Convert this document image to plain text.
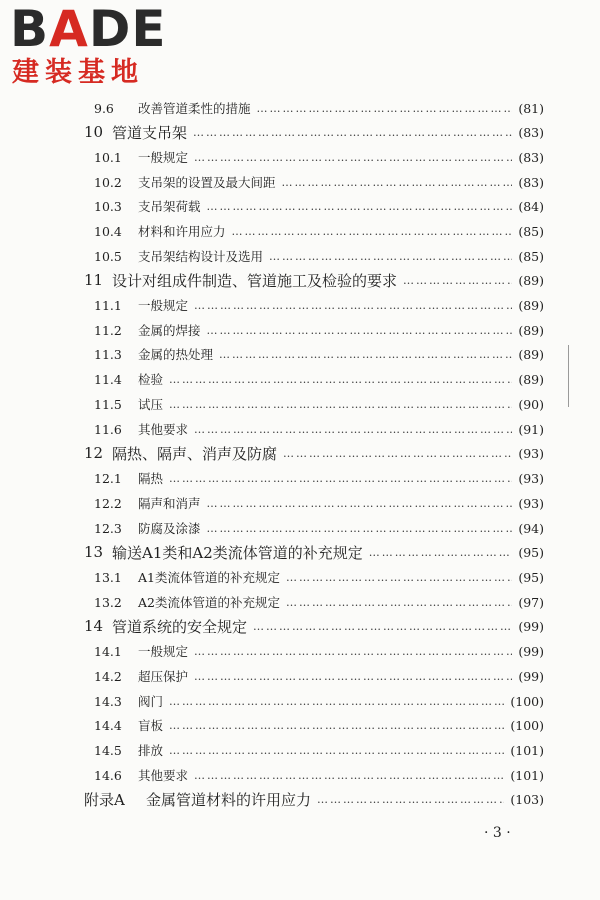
BADE
建装基地
9.6	改善管道柔性的措施 …………………………………………………………………………………………………………………………………………………………	(81)
10 管道支吊架 …………………………………………………………………………………………………………………………………………………………	(83)
10.1	一般规定 …………………………………………………………………………………………………………………………………………………………	(83)
10.2	支吊架的设置及最大间距 …………………………………………………………………………………………………………………………………………………………	(83)
10.3	支吊架荷载 …………………………………………………………………………………………………………………………………………………………	(84)
10.4	材料和许用应力 …………………………………………………………………………………………………………………………………………………………	(85)
10.5	支吊架结构设计及选用 …………………………………………………………………………………………………………………………………………………………	(85)
11 设计对组成件制造、管道施工及检验的要求 …………………………………………………………………………………………………………………………………………………………	(89)
11.1	一般规定 …………………………………………………………………………………………………………………………………………………………	(89)
11.2	金属的焊接 …………………………………………………………………………………………………………………………………………………………	(89)
11.3	金属的热处理 …………………………………………………………………………………………………………………………………………………………	(89)
11.4	检验 …………………………………………………………………………………………………………………………………………………………	(89)
11.5	试压 …………………………………………………………………………………………………………………………………………………………	(90)
11.6	其他要求 …………………………………………………………………………………………………………………………………………………………	(91)
12 隔热、隔声、消声及防腐 …………………………………………………………………………………………………………………………………………………………	(93)
12.1	隔热 …………………………………………………………………………………………………………………………………………………………	(93)
12.2	隔声和消声 …………………………………………………………………………………………………………………………………………………………	(93)
12.3	防腐及涂漆 …………………………………………………………………………………………………………………………………………………………	(94)
13 输送A1类和A2类流体管道的补充规定 …………………………………………………………………………………………………………………………………………………………	(95)
13.1	A1类流体管道的补充规定 …………………………………………………………………………………………………………………………………………………………	(95)
13.2	A2类流体管道的补充规定 …………………………………………………………………………………………………………………………………………………………	(97)
14 管道系统的安全规定 …………………………………………………………………………………………………………………………………………………………	(99)
14.1	一般规定 …………………………………………………………………………………………………………………………………………………………	(99)
14.2	超压保护 …………………………………………………………………………………………………………………………………………………………	(99)
14.3	阀门 …………………………………………………………………………………………………………………………………………………………	(100)
14.4	盲板 …………………………………………………………………………………………………………………………………………………………	(100)
14.5	排放 …………………………………………………………………………………………………………………………………………………………	(101)
14.6	其他要求 …………………………………………………………………………………………………………………………………………………………	(101)
附录A	金属管道材料的许用应力 …………………………………………………………………………………………………………………………………………………………	(103)
· 3 ·
